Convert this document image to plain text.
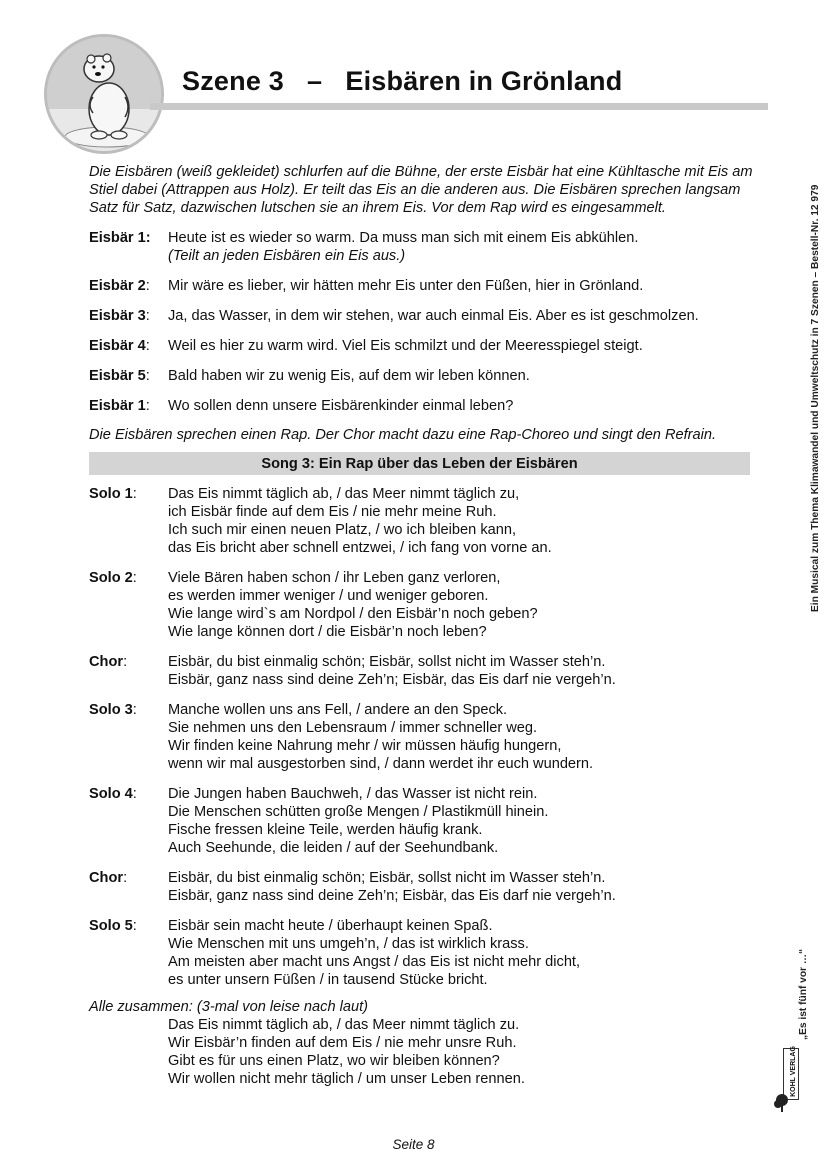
Szene 3   –   Eisbären in Grönland

Die Eisbären (weiß gekleidet) schlurfen auf die Bühne, der erste Eisbär hat eine Kühltasche mit Eis am Stiel dabei (Attrappen aus Holz). Er teilt das Eis an die anderen aus. Die Eisbären sprechen langsam Satz für Satz, dazwischen lutschen sie an ihrem Eis. Vor dem Rap wird es eingesammelt.

Eisbär 1:	Heute ist es wieder so warm. Da muss man sich mit einem Eis abkühlen.
(Teilt an jeden Eisbären ein Eis aus.)
Eisbär 2:	Mir wäre es lieber, wir hätten mehr Eis unter den Füßen, hier in Grönland.
Eisbär 3:	Ja, das Wasser, in dem wir stehen, war auch einmal Eis. Aber es ist geschmolzen.
Eisbär 4:	Weil es hier zu warm wird. Viel Eis schmilzt und der Meeresspiegel steigt.
Eisbär 5:	Bald haben wir zu wenig Eis, auf dem wir leben können.
Eisbär 1:	Wo sollen denn unsere Eisbärenkinder einmal leben?
Die Eisbären sprechen einen Rap. Der Chor macht dazu eine Rap-Choreo und singt den Refrain.
Song 3: Ein Rap über das Leben der Eisbären
Solo 1:	Das Eis nimmt täglich ab, / das Meer nimmt täglich zu,
ich Eisbär finde auf dem Eis / nie mehr meine Ruh.
Ich such mir einen neuen Platz, / wo ich bleiben kann,
das Eis bricht aber schnell entzwei, / ich fang von vorne an.
Solo 2:	Viele Bären haben schon / ihr Leben ganz verloren,
es werden immer weniger / und weniger geboren.
Wie lange wird`s am Nordpol / den Eisbär’n noch geben?
Wie lange können dort / die Eisbär’n noch leben?
Chor:	Eisbär, du bist einmalig schön; Eisbär, sollst nicht im Wasser steh’n.
Eisbär, ganz nass sind deine Zeh’n; Eisbär, das Eis darf nie vergeh’n.
Solo 3:	Manche wollen uns ans Fell, / andere an den Speck.
Sie nehmen uns den Lebensraum / immer schneller weg.
Wir finden keine Nahrung mehr / wir müssen häufig hungern,
wenn wir mal ausgestorben sind, / dann werdet ihr euch wundern.
Solo 4:	Die Jungen haben Bauchweh, / das Wasser ist nicht rein.
Die Menschen schütten große Mengen / Plastikmüll hinein.
Fische fressen kleine Teile, werden häufig krank.
Auch Seehunde, die leiden / auf der Seehundbank.
Chor:	Eisbär, du bist einmalig schön; Eisbär, sollst nicht im Wasser steh’n.
Eisbär, ganz nass sind deine Zeh’n; Eisbär, das Eis darf nie vergeh’n.
Solo 5:	Eisbär sein macht heute / überhaupt keinen Spaß.
Wie Menschen mit uns umgeh’n, / das ist wirklich krass.
Am meisten aber macht uns Angst / das Eis ist nicht mehr dicht,
es unter unsern Füßen / in tausend Stücke bricht.
Alle zusammen: (3-mal von leise nach laut)
Das Eis nimmt täglich ab, / das Meer nimmt täglich zu.
Wir Eisbär’n finden auf dem Eis / nie mehr unsre Ruh.
Gibt es für uns einen Platz, wo wir bleiben können?
Wir wollen nicht mehr täglich / um unser Leben rennen.
Seite 8
„Es ist fünf vor …“
Ein Musical zum Thema Klimawandel und Umweltschutz in 7 Szenen – Bestell-Nr. 12 979
KOHL VERLAG
